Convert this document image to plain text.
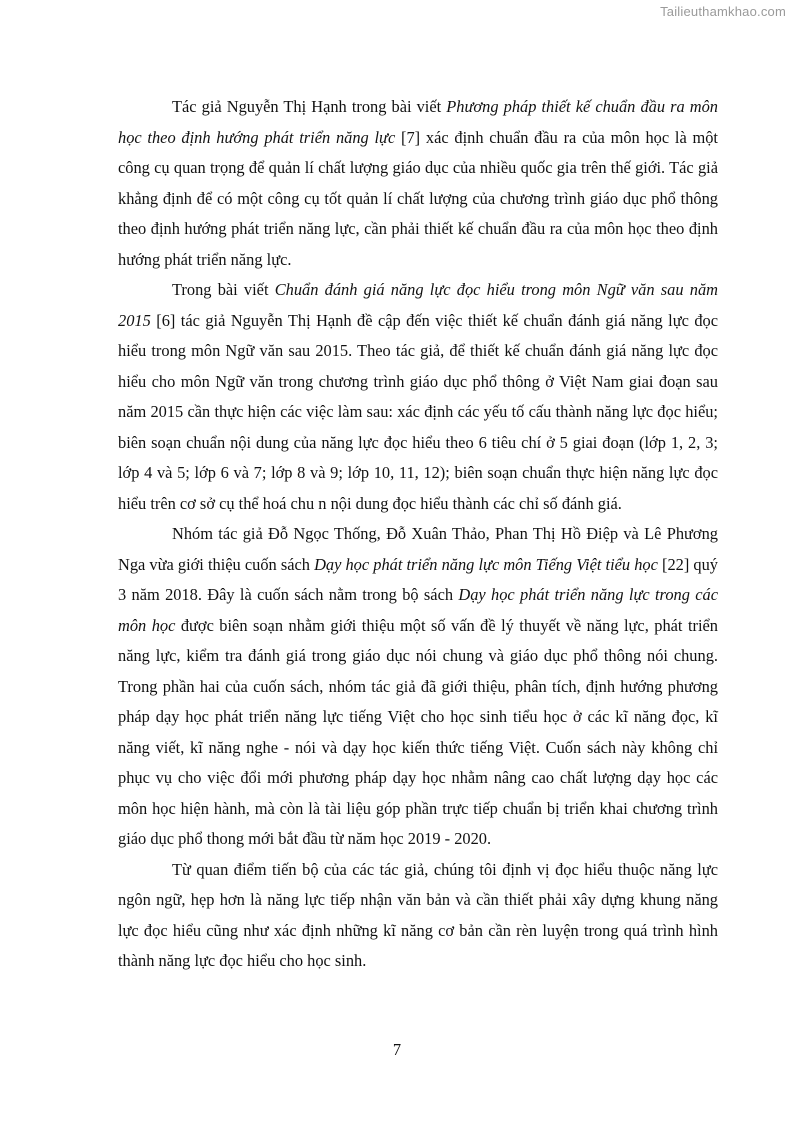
Tailieuthamkhao.com

Tác giả Nguyễn Thị Hạnh trong bài viết Phương pháp thiết kế chuẩn đầu ra môn học theo định hướng phát triển năng lực [7] xác định chuẩn đầu ra của môn học là một công cụ quan trọng để quản lí chất lượng giáo dục của nhiều quốc gia trên thế giới. Tác giả khẳng định để có một công cụ tốt quản lí chất lượng của chương trình giáo dục phổ thông theo định hướng phát triển năng lực, cần phải thiết kế chuẩn đầu ra của môn học theo định hướng phát triển năng lực.

Trong bài viết Chuẩn đánh giá năng lực đọc hiểu trong môn Ngữ văn sau năm 2015 [6] tác giả Nguyễn Thị Hạnh đề cập đến việc thiết kế chuẩn đánh giá năng lực đọc hiểu trong môn Ngữ văn sau 2015. Theo tác giả, để thiết kế chuẩn đánh giá năng lực đọc hiểu cho môn Ngữ văn trong chương trình giáo dục phổ thông ở Việt Nam giai đoạn sau năm 2015 cần thực hiện các việc làm sau: xác định các yếu tố cấu thành năng lực đọc hiểu; biên soạn chuẩn nội dung của năng lực đọc hiểu theo 6 tiêu chí ở 5 giai đoạn (lớp 1, 2, 3; lớp 4 và 5; lớp 6 và 7; lớp 8 và 9; lớp 10, 11, 12); biên soạn chuẩn thực hiện năng lực đọc hiểu trên cơ sở cụ thể hoá chu n nội dung đọc hiểu thành các chỉ số đánh giá.

Nhóm tác giả Đỗ Ngọc Thống, Đỗ Xuân Thảo, Phan Thị Hồ Điệp và Lê Phương Nga vừa giới thiệu cuốn sách Dạy học phát triển năng lực môn Tiếng Việt tiểu học [22] quý 3 năm 2018. Đây là cuốn sách nằm trong bộ sách Dạy học phát triển năng lực trong các môn học được biên soạn nhằm giới thiệu một số vấn đề lý thuyết về năng lực, phát triển năng lực, kiểm tra đánh giá trong giáo dục nói chung và giáo dục phổ thông nói chung. Trong phần hai của cuốn sách, nhóm tác giả đã giới thiệu, phân tích, định hướng phương pháp dạy học phát triển năng lực tiếng Việt cho học sinh tiểu học ở các kĩ năng đọc, kĩ năng viết, kĩ năng nghe - nói và dạy học kiến thức tiếng Việt. Cuốn sách này không chỉ phục vụ cho việc đổi mới phương pháp dạy học nhằm nâng cao chất lượng dạy học các môn học hiện hành, mà còn là tài liệu góp phần trực tiếp chuẩn bị triển khai chương trình giáo dục phổ thong mới bắt đầu từ năm học 2019 - 2020.

Từ quan điểm tiến bộ của các tác giả, chúng tôi định vị đọc hiểu thuộc năng lực ngôn ngữ, hẹp hơn là năng lực tiếp nhận văn bản và cần thiết phải xây dựng khung năng lực đọc hiểu cũng như xác định những kĩ năng cơ bản cần rèn luyện trong quá trình hình thành năng lực đọc hiểu cho học sinh.

7
